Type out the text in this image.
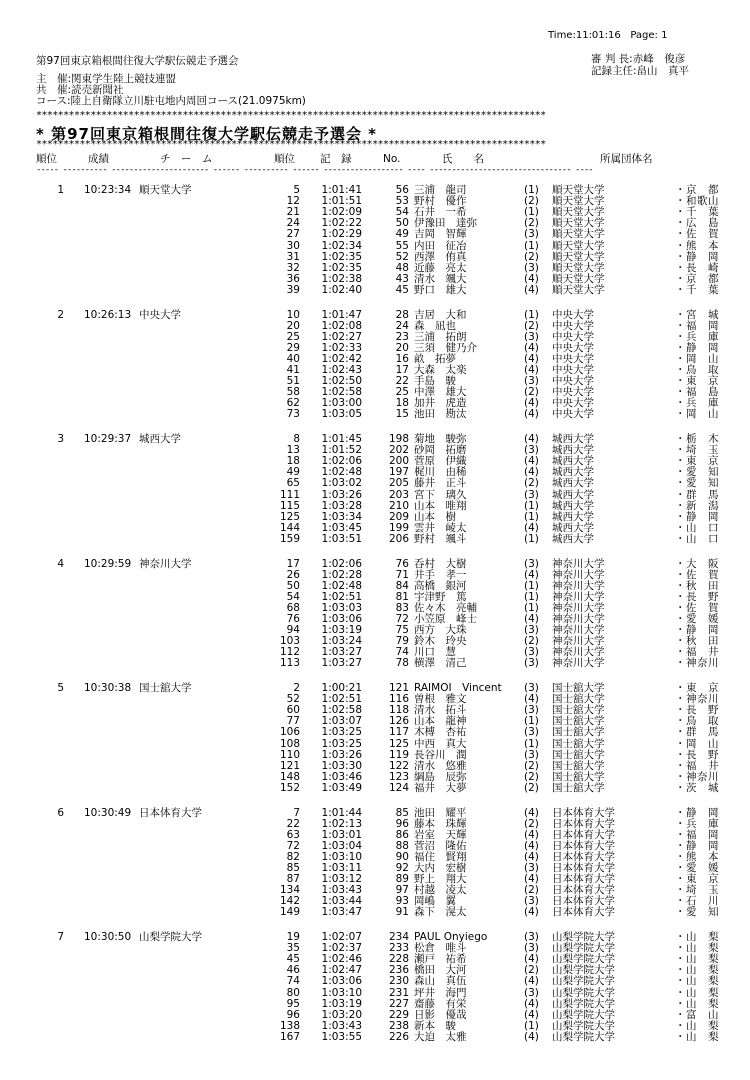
Time:11:01:16 Page: 1
第97回東京箱根間往復大学駅伝競走予選会	審 判 長:赤峰　俊彦
記録主任:畠山　真平
主　催:関東学生陸上競技連盟
共　催:読売新聞社
コース:陸上自衛隊立川駐屯地内周回コース(21.0975km)
**********************************************************************************************
* 第97回東京箱根間往復大学駅伝競走予選会 *
**********************************************************************************************
順位	成績	チ　ー　ム	順位 記　録	No.	氏　　名	所属団体名
----- ---------- ---------------------- ------ ---------- ------ ------------------ ---- -------------------------------- ----
1 10:23:34 順天堂大学	5	1:01:41	56 三浦　龍司	(1) 順天堂大学	・京　都
12	1:01:51	53 野村　優作	(2) 順天堂大学	・和歌山
21	1:02:09	54 石井　一希	(1) 順天堂大学	・千　葉
24	1:02:22	50 伊豫田　達弥	(2) 順天堂大学	・広　島
27	1:02:29	49 吉岡　智輝	(3) 順天堂大学	・佐　賀
30	1:02:34	55 内田　征冶	(1) 順天堂大学	・熊　本
31	1:02:35	52 西澤　侑真	(2) 順天堂大学	・静　岡
32	1:02:35	48 近藤　亮太	(3) 順天堂大学	・長　崎
36	1:02:38	43 清水　颯大	(4) 順天堂大学	・京　都
39	1:02:40	45 野口　雄大	(4) 順天堂大学	・千　葉
2 10:26:13 中央大学	10	1:01:47	28 吉居　大和	(1) 中央大学	・宮　城
20	1:02:08	24 森　凪也	(2) 中央大学	・福　岡
25	1:02:27	23 三浦　拓朗	(3) 中央大学	・兵　庫
29	1:02:33	20 三須　健乃介	(4) 中央大学	・静　岡
40	1:02:42	16 畝　拓夢	(4) 中央大学	・岡　山
41	1:02:43	17 大森　太楽	(4) 中央大学	・鳥　取
51	1:02:50	22 手島　駿	(3) 中央大学	・東　京
58	1:02:58	25 中澤　雄大	(2) 中央大学	・福　島
62	1:03:00	18 加井　虎造	(4) 中央大学	・兵　庫
73	1:03:05	15 池田　勘汰	(4) 中央大学	・岡　山
3 10:29:37 城西大学	8	1:01:45	198 菊地　駿弥	(4) 城西大学	・栃　木
13	1:01:52	202 砂岡　拓磨	(3) 城西大学	・埼　玉
18	1:02:06	200 菅原　伊織	(4) 城西大学	・東　京
49	1:02:48	197 梶川　由稀	(4) 城西大学	・愛　知
65	1:03:02	205 藤井　正斗	(2) 城西大学	・愛　知
111	1:03:26	203 宮下　璃久	(3) 城西大学	・群　馬
115	1:03:28	210 山本　唯翔	(1) 城西大学	・新　潟
125	1:03:34	209 山本　樹	(1) 城西大学	・静　岡
144	1:03:45	199 雲井　崚太	(4) 城西大学	・山　口
159	1:03:51	206 野村　颯斗	(1) 城西大学	・山　口
4 10:29:59 神奈川大学	17	1:02:06	76 呑村　大樹	(3) 神奈川大学	・大　阪
26	1:02:28	71 井手　孝一	(4) 神奈川大学	・佐　賀
50	1:02:48	84 高橋　銀河	(1) 神奈川大学	・秋　田
54	1:02:51	81 宇津野　篤	(1) 神奈川大学	・長　野
68	1:03:03	83 佐々木　亮輔	(1) 神奈川大学	・佐　賀
76	1:03:06	72 小笠原　峰士	(4) 神奈川大学	・愛　媛
94	1:03:19	75 西方　大珠	(3) 神奈川大学	・静　岡
103	1:03:24	79 鈴木　玲央	(2) 神奈川大学	・秋　田
112	1:03:27	74 川口　慧	(3) 神奈川大学	・福　井
113	1:03:27	78 横澤　清己	(3) 神奈川大学	・神奈川
5 10:30:38 国士舘大学	2	1:00:21	121 RAIMOI　Vincent (3) 国士舘大学	・東　京
52	1:02:51	116 曽根　雅文	(4) 国士舘大学	・神奈川
60	1:02:58	118 清水　拓斗	(3) 国士舘大学	・長　野
77	1:03:07	126 山本　龍神	(1) 国士舘大学	・鳥　取
106	1:03:25	117 木榑　杏祐	(3) 国士舘大学	・群　馬
108	1:03:25	125 中西　真大	(1) 国士舘大学	・岡　山
110	1:03:26	119 長谷川　潤	(3) 国士舘大学	・長　野
121	1:03:30	122 清水　悠雅	(2) 国士舘大学	・福　井
148	1:03:46	123 綱島　辰弥	(2) 国士舘大学	・神奈川
152	1:03:49	124 福井　大夢	(2) 国士舘大学	・茨　城
6 10:30:49 日本体育大学	7	1:01:44	85 池田　耀平	(4) 日本体育大学	・静　岡
22	1:02:13	96 藤本　珠輝	(2) 日本体育大学	・兵　庫
63	1:03:01	86 岩室　天輝	(4) 日本体育大学	・福　岡
72	1:03:04	88 菅沼　隆佑	(4) 日本体育大学	・静　岡
82	1:03:10	90 福住　賢翔	(4) 日本体育大学	・熊　本
85	1:03:11	92 大内　宏樹	(3) 日本体育大学	・愛　媛
87	1:03:12	89 野上　翔大	(4) 日本体育大学	・東　京
134	1:03:43	97 村越　凌太	(2) 日本体育大学	・埼　玉
142	1:03:44	93 岡嶋　翼	(3) 日本体育大学	・石　川
149	1:03:47	91 森下　滉太	(4) 日本体育大学	・愛　知
7 10:30:50 山梨学院大学	19	1:02:07	234 PAUL Onyiego	(3) 山梨学院大学	・山　梨
35	1:02:37	233 松倉　唯斗	(3) 山梨学院大学	・山　梨
45	1:02:46	228 瀬戸　祐希	(4) 山梨学院大学	・山　梨
46	1:02:47	236 橋田　大河	(2) 山梨学院大学	・山　梨
74	1:03:06	230 森山　真伍	(4) 山梨学院大学	・山　梨
80	1:03:10	231 坪井　海門	(3) 山梨学院大学	・山　梨
95	1:03:19	227 齋藤　有栄	(4) 山梨学院大学	・山　梨
96	1:03:20	229 日影　優哉	(4) 山梨学院大学	・富　山
138	1:03:43	238 新本　駿	(1) 山梨学院大学	・山　梨
167	1:03:55	226 大迫　太雅	(4) 山梨学院大学	・山　梨
